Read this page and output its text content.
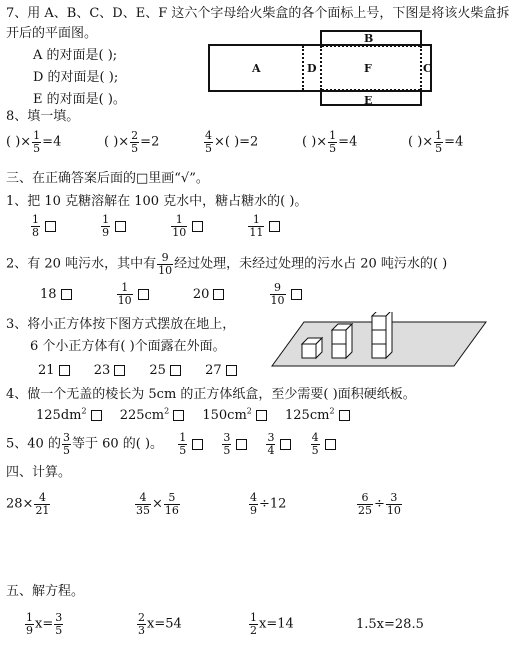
7、用 A、B、C、D、E、F 这六个字母给火柴盒的各个面标上号，下图是将该火柴盒拆
开后的平面图。
A 的对面是( );
D 的对面是( );
E 的对面是( )。
A
B
C
D
E
F
8、填一填。
( )× $\frac{1}{5} =4$	( )× $\frac{2}{5} =2$	$\frac{4}{5}$ ×( )=2	( )× $\frac{1}{5} =4$	( )× $\frac{1}{5} =4$
三、在正确答案后面的□里画“√”。
1、把 10 克糖溶解在 100 克水中，糖占糖水的( )。
$\frac{1}{8}$
	$\frac{1}{9}$
	$\frac{1}{10}$
	$\frac{1}{11}$
2、有 20 吨污水，其中有 $\frac{9}{10}$ 经过处理，未经过处理的污水占 20 吨污水的( )
18	$\frac{1}{10}$	20	$\frac{9}{10}$
3、将小正方体按下图方式摆放在地上，
6 个小正方体有( )个面露在外面。
21	23	25	27
4、做一个无盖的棱长为 5cm 的正方体纸盒，至少需要( )面积硬纸板。
$125dm^2$	$225cm^2$	$150cm^2$	$125cm^2$
5、40 的 $\frac{3}{5}$ 等于 60 的( )。 $\frac{1}{5}$
	$\frac{3}{5}$
	$\frac{3}{4}$
	$\frac{4}{5}$
四、计算。
$28\times \frac{4}{21}$	$\frac{4}{35} \times \frac{5}{16}$	$\frac{4}{9} \div 12$	$\frac{6}{25} \div \frac{3}{10}$
五、解方程。
$\frac{1}{9} x= \frac{3}{5}$	$\frac{2}{3} x=54$	$\frac{1}{2} x=14$	1.5x=28.5
